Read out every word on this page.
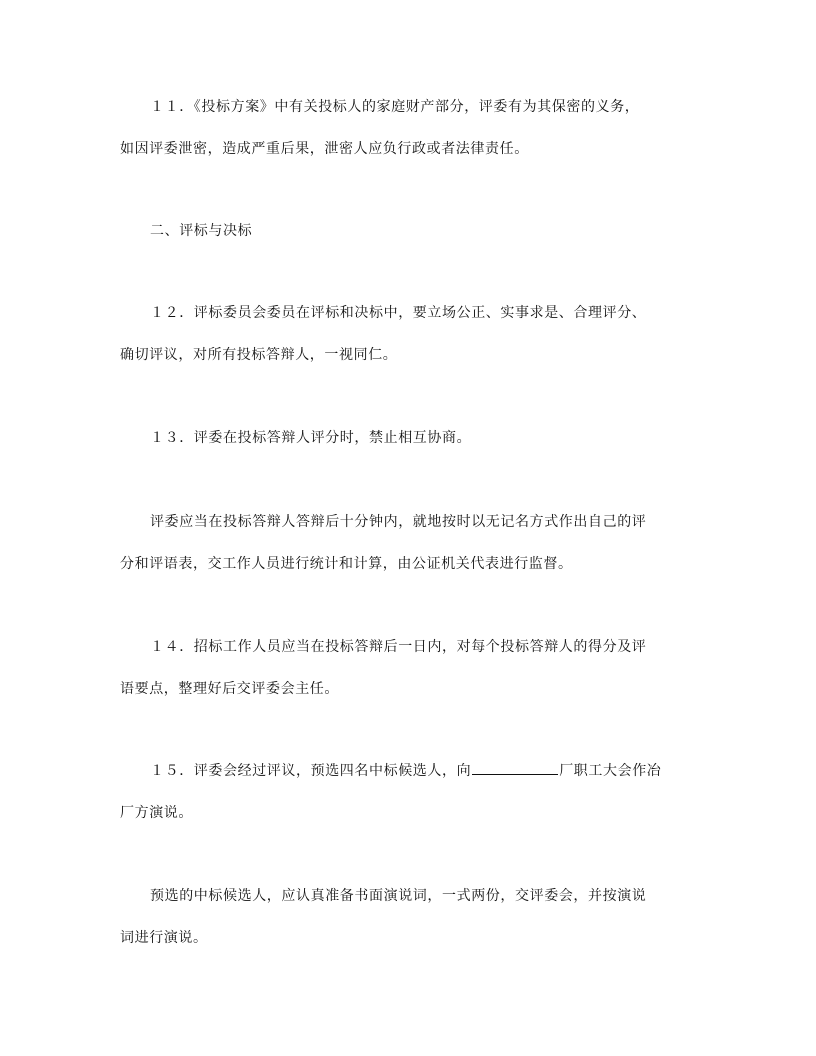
１１．《投标方案》中有关投标人的家庭财产部分，评委有为其保密的义务，
如因评委泄密，造成严重后果，泄密人应负行政或者法律责任。
二、评标与决标
１２．评标委员会委员在评标和决标中，要立场公正、实事求是、合理评分、
确切评议，对所有投标答辩人，一视同仁。
１３．评委在投标答辩人评分时，禁止相互协商。
评委应当在投标答辩人答辩后十分钟内，就地按时以无记名方式作出自己的评
分和评语表，交工作人员进行统计和计算，由公证机关代表进行监督。
１４．招标工作人员应当在投标答辩后一日内，对每个投标答辩人的得分及评
语要点，整理好后交评委会主任。
１５．评委会经过评议，预选四名中标候选人，向	厂职工大会作冶
厂方演说。
预选的中标候选人，应认真准备书面演说词，一式两份，交评委会，并按演说
词进行演说。
